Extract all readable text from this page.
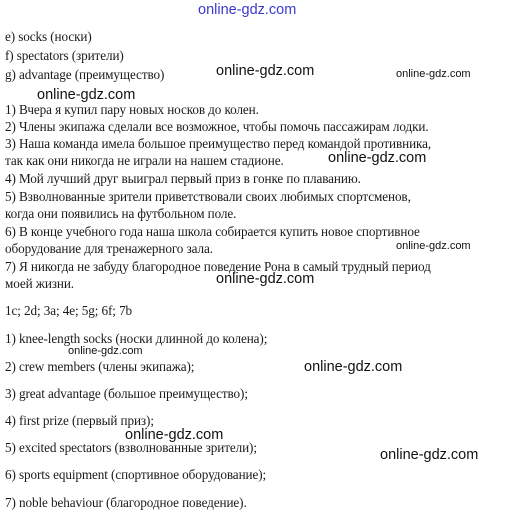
online-gdz.com
e) socks (носки)
f) spectators (зрители)
g) advantage (преимущество)
1) Вчера я купил пару новых носков до колен.
2) Члены экипажа сделали все возможное, чтобы помочь пассажирам лодки.
3) Наша команда имела большое преимущество перед командой противника,
так как они никогда не играли на нашем стадионе.
4) Мой лучший друг выиграл первый приз в гонке по плаванию.
5) Взволнованные зрители приветствовали своих любимых спортсменов,
когда они появились на футбольном поле.
6) В конце учебного года наша школа собирается купить новое спортивное
оборудование для тренажерного зала.
7) Я никогда не забуду благородное поведение Рона в самый трудный период
моей жизни.
1c; 2d; 3a; 4e; 5g; 6f; 7b
1) knee-length socks (носки длинной до колена);
2) crew members (члены экипажа);
3) great advantage (большое преимущество);
4) first prize (первый приз);
5) excited spectators (взволнованные зрители);
6) sports equipment (спортивное оборудование);
7) noble behaviour (благородное поведение).
online-gdz.com	online-gdz.com
online-gdz.com
online-gdz.com
online-gdz.com
online-gdz.com
online-gdz.com
online-gdz.com
online-gdz.com
online-gdz.com
